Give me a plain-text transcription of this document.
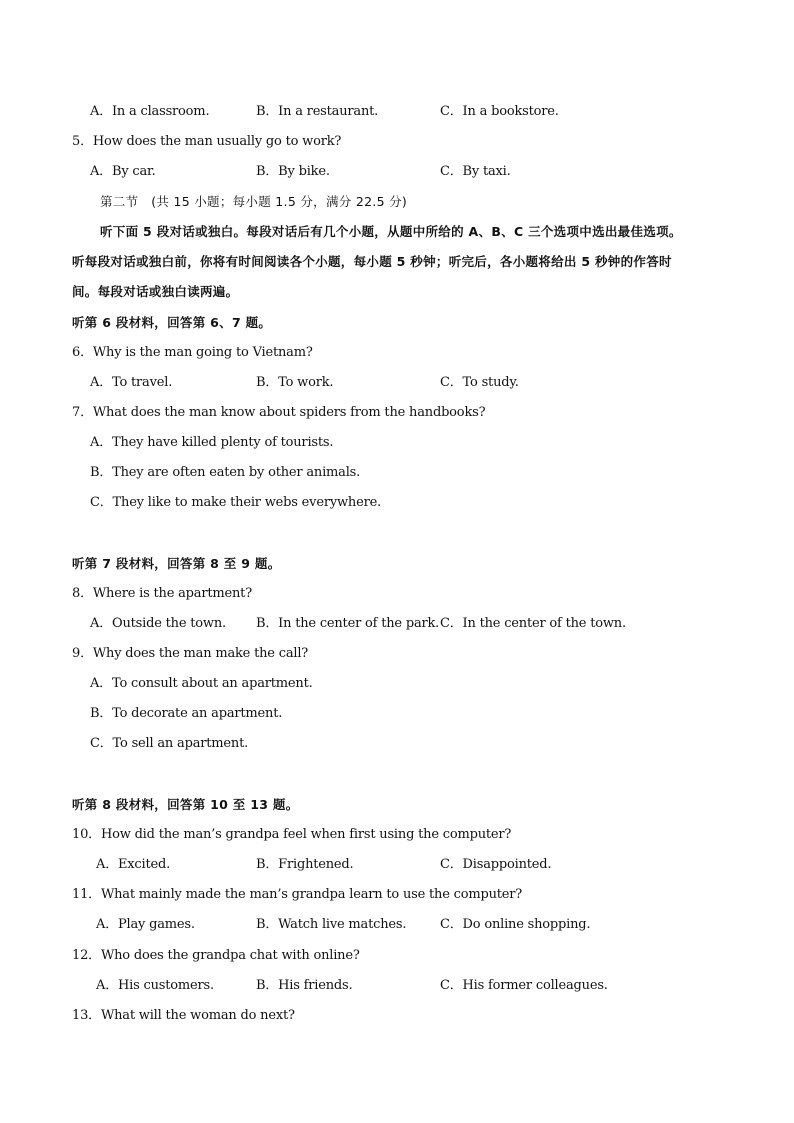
A．In a classroom.	B．In a restaurant.	C．In a bookstore.
5．How does the man usually go to work?
A．By car.	B．By bike.	C．By taxi.
第二节　(共 15 小题；每小题 1.5 分，满分 22.5 分)
听下面 5 段对话或独白。每段对话后有几个小题，从题中所给的 A、B、C 三个选项中选出最佳选项。
听每段对话或独白前，你将有时间阅读各个小题，每小题 5 秒钟；听完后，各小题将给出 5 秒钟的作答时
间。每段对话或独白读两遍。
听第 6 段材料，回答第 6、7 题。
6．Why is the man going to Vietnam?
A．To travel.	B．To work.	C．To study.
7．What does the man know about spiders from the handbooks?
A．They have killed plenty of tourists.
B．They are often eaten by other animals.
C．They like to make their webs everywhere.
听第 7 段材料，回答第 8 至 9 题。
8．Where is the apartment?
A．Outside the town. B．In the center of the park. C．In the center of the town.
9．Why does the man make the call?
A．To consult about an apartment.
B．To decorate an apartment.
C．To sell an apartment.
听第 8 段材料，回答第 10 至 13 题。
10．How did the man’s grandpa feel when first using the computer?
A．Excited.	B．Frightened.	C．Disappointed.
11．What mainly made the man’s grandpa learn to use the computer?
A．Play games.	B．Watch live matches.	C．Do online shopping.
12．Who does the grandpa chat with online?
A．His customers.	B．His friends.	C．His former colleagues.
13．What will the woman do next?
